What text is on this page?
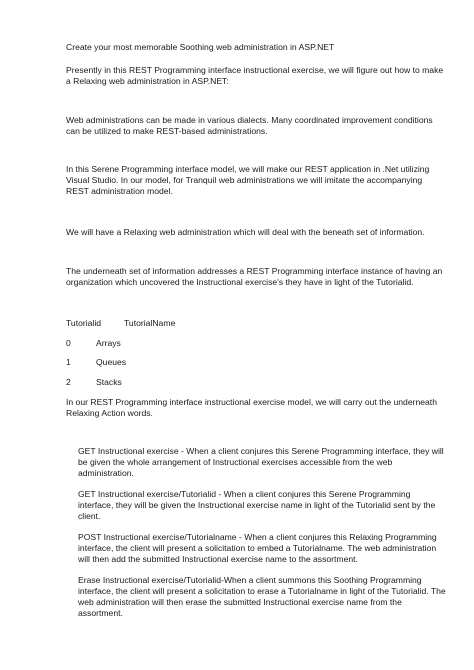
Create your most memorable Soothing web administration in ASP.NET

Presently in this REST Programming interface instructional exercise, we will figure out how to make a Relaxing web administration in ASP.NET:

Web administrations can be made in various dialects. Many coordinated improvement conditions can be utilized to make REST-based administrations.

In this Serene Programming interface model, we will make our REST application in .Net utilizing Visual Studio. In our model, for Tranquil web administrations we will imitate the accompanying REST administration model.

We will have a Relaxing web administration which will deal with the beneath set of information.

The underneath set of information addresses a REST Programming interface instance of having an organization which uncovered the Instructional exercise's they have in light of the Tutorialid.

Tutorialid	TutorialName

0	Arrays

1	Queues

2	Stacks

In our REST Programming interface instructional exercise model, we will carry out the underneath Relaxing Action words.

GET Instructional exercise - When a client conjures this Serene Programming interface, they will be given the whole arrangement of Instructional exercises accessible from the web administration.

GET Instructional exercise/Tutorialid - When a client conjures this Serene Programming interface, they will be given the Instructional exercise name in light of the Tutorialid sent by the client.

POST Instructional exercise/Tutorialname - When a client conjures this Relaxing Programming interface, the client will present a solicitation to embed a Tutorialname. The web administration will then add the submitted Instructional exercise name to the assortment.

Erase Instructional exercise/Tutorialid-When a client summons this Soothing Programming interface, the client will present a solicitation to erase a Tutorialname in light of the Tutorialid. The web administration will then erase the submitted Instructional exercise name from the assortment.
